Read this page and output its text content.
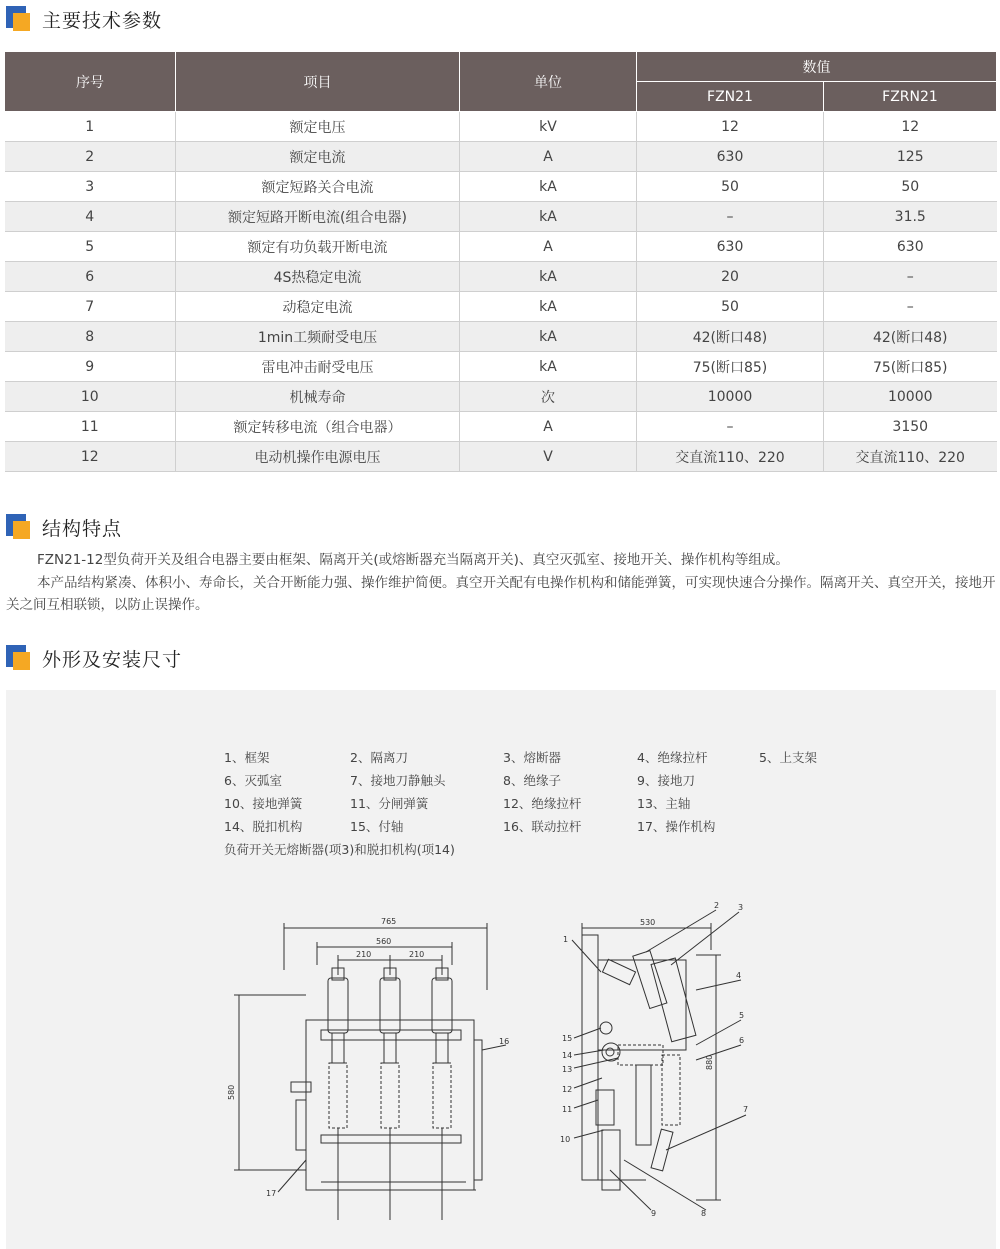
主要技术参数
序号	项目	单位	数值	
			FZN21	FZRN21
1	额定电压	kV	12	12
2	额定电流	A	630	125
3	额定短路关合电流	kA	50	50
4	额定短路开断电流(组合电器)	kA	–	31.5
5	额定有功负载开断电流	A	630	630
6	4S热稳定电流	kA	20	–
7	动稳定电流	kA	50	–
8	1min工频耐受电压	kA	42(断口48)	42(断口48)
9	雷电冲击耐受电压	kA	75(断口85)	75(断口85)
10	机械寿命	次	10000	10000
11	额定转移电流（组合电器）	A	–	3150
12	电动机操作电源电压	V	交直流110、220	交直流110、220
结构特点
FZN21-12型负荷开关及组合电器主要由框架、隔离开关(或熔断器充当隔离开关)、真空灭弧室、接地开关、操作机构等组成。
本产品结构紧凑、体积小、寿命长，关合开断能力强、操作维护简便。真空开关配有电操作机构和储能弹簧，可实现快速合分操作。隔离开关、真空开关，接地开关之间互相联锁，以防止误操作。
外形及安装尺寸
1、框架	2、隔离刀	3、熔断器	4、绝缘拉杆	5、上支架
6、灭弧室	7、接地刀静触头	8、绝缘子	9、接地刀
10、接地弹簧	11、分闸弹簧	12、绝缘拉杆	13、主轴
14、脱扣机构	15、付轴	16、联动拉杆	17、操作机构
负荷开关无熔断器(项3)和脱扣机构(项14)
765
560
210	210
580
530
880
16
17
1
2 3
4
5
6
7
8
9
10
11
12
13
14
15
